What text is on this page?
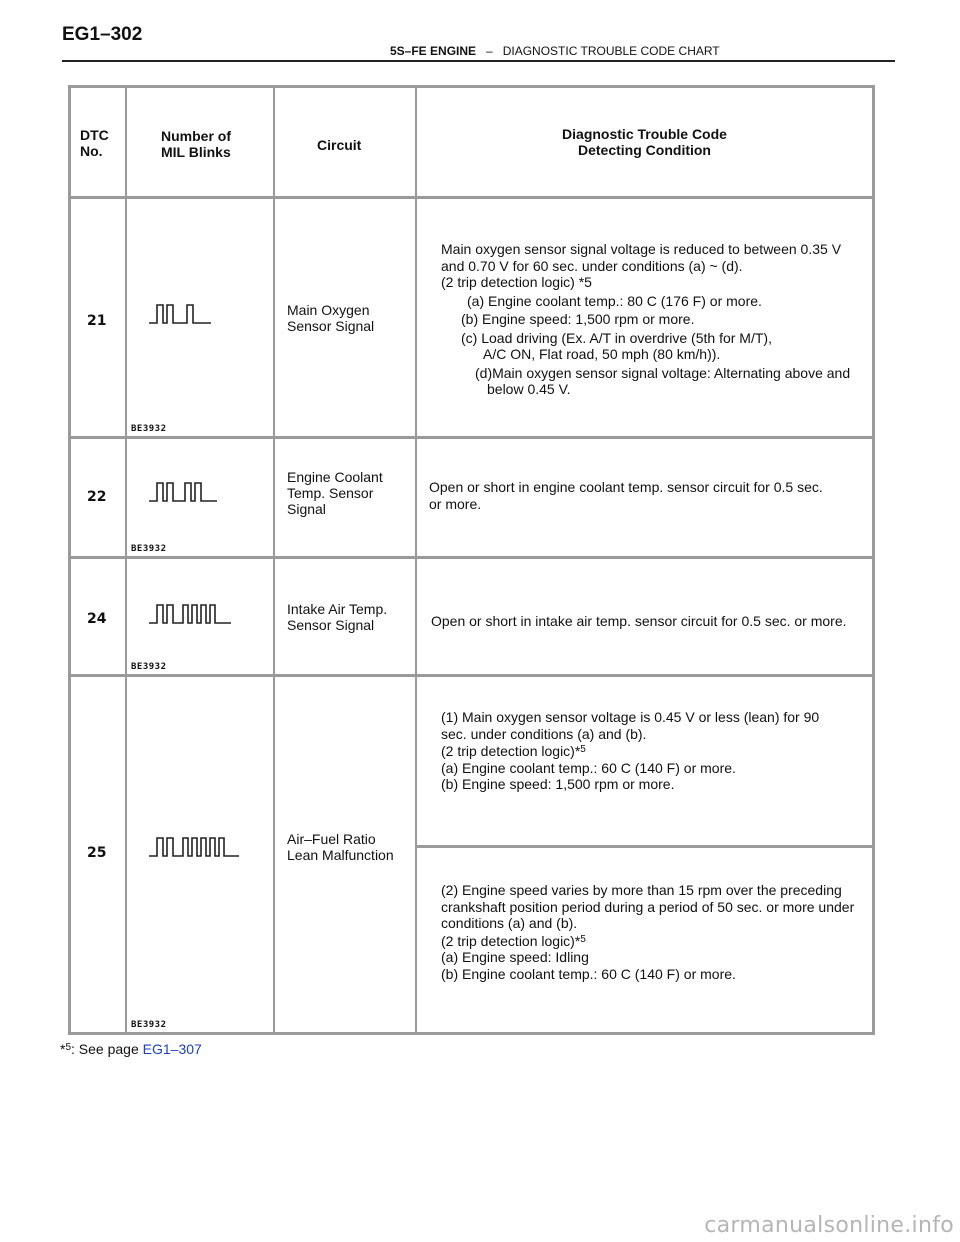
EG1–302
5S–FE ENGINE – DIAGNOSTIC TROUBLE CODE CHART
DTC
No.
Number of
MIL Blinks	Circuit
Diagnostic Trouble Code
Detecting Condition
21
BE3932
Main Oxygen
Sensor Signal
Main oxygen sensor signal voltage is reduced to between 0.35 V
and 0.70 V for 60 sec. under conditions (a) ~ (d).
(2 trip detection logic) *5
(a) Engine coolant temp.: 80 C (176 F) or more.
(b) Engine speed: 1,500 rpm or more.
(c) Load driving (Ex. A/T in overdrive (5th for M/T),
A/C ON, Flat road, 50 mph (80 km/h)).
(d)Main oxygen sensor signal voltage: Alternating above and
below 0.45 V.
22
BE3932
Engine Coolant
Temp. Sensor
Signal
Open or short in engine coolant temp. sensor circuit for 0.5 sec.
or more.
24
BE3932
Intake Air Temp.
Sensor Signal	Open or short in intake air temp. sensor circuit for 0.5 sec. or more.
25
BE3932
Air–Fuel Ratio
Lean Malfunction
(1) Main oxygen sensor voltage is 0.45 V or less (lean) for 90
sec. under conditions (a) and (b).
(2 trip detection logic)*$^5$
(a) Engine coolant temp.: 60 C (140 F) or more.
(b) Engine speed: 1,500 rpm or more.
(2) Engine speed varies by more than 15 rpm over the preceding
crankshaft position period during a period of 50 sec. or more under
conditions (a) and (b).
(2 trip detection logic)*$^5$
(a) Engine speed: Idling
(b) Engine coolant temp.: 60 C (140 F) or more.
*$^5$: See page EG1–307
carmanualsonline.info
